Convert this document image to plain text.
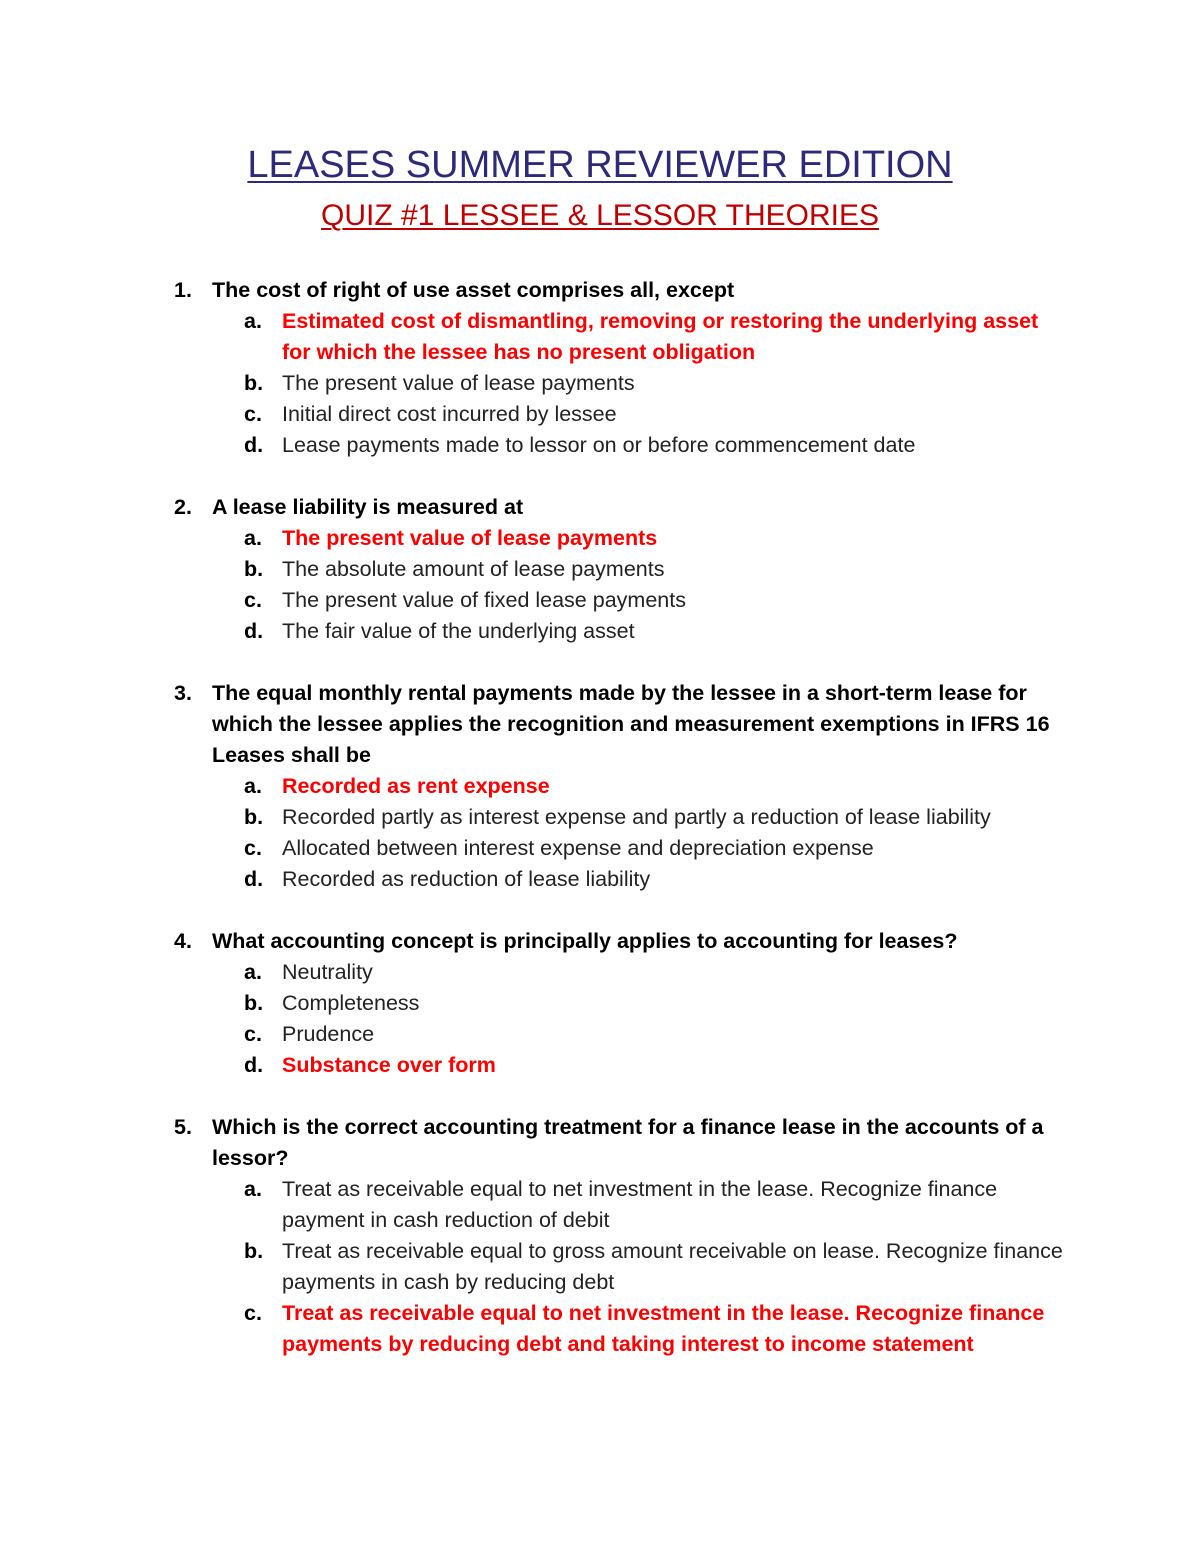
LEASES SUMMER REVIEWER EDITION
QUIZ #1 LESSEE & LESSOR THEORIES
1. The cost of right of use asset comprises all, except
a. Estimated cost of dismantling, removing or restoring the underlying asset for which the lessee has no present obligation
b. The present value of lease payments
c. Initial direct cost incurred by lessee
d. Lease payments made to lessor on or before commencement date
2. A lease liability is measured at
a. The present value of lease payments
b. The absolute amount of lease payments
c. The present value of fixed lease payments
d. The fair value of the underlying asset
3. The equal monthly rental payments made by the lessee in a short-term lease for which the lessee applies the recognition and measurement exemptions in IFRS 16 Leases shall be
a. Recorded as rent expense
b. Recorded partly as interest expense and partly a reduction of lease liability
c. Allocated between interest expense and depreciation expense
d. Recorded as reduction of lease liability
4. What accounting concept is principally applies to accounting for leases?
a. Neutrality
b. Completeness
c. Prudence
d. Substance over form
5. Which is the correct accounting treatment for a finance lease in the accounts of a lessor?
a. Treat as receivable equal to net investment in the lease. Recognize finance payment in cash reduction of debit
b. Treat as receivable equal to gross amount receivable on lease. Recognize finance payments in cash by reducing debt
c. Treat as receivable equal to net investment in the lease. Recognize finance payments by reducing debt and taking interest to income statement
